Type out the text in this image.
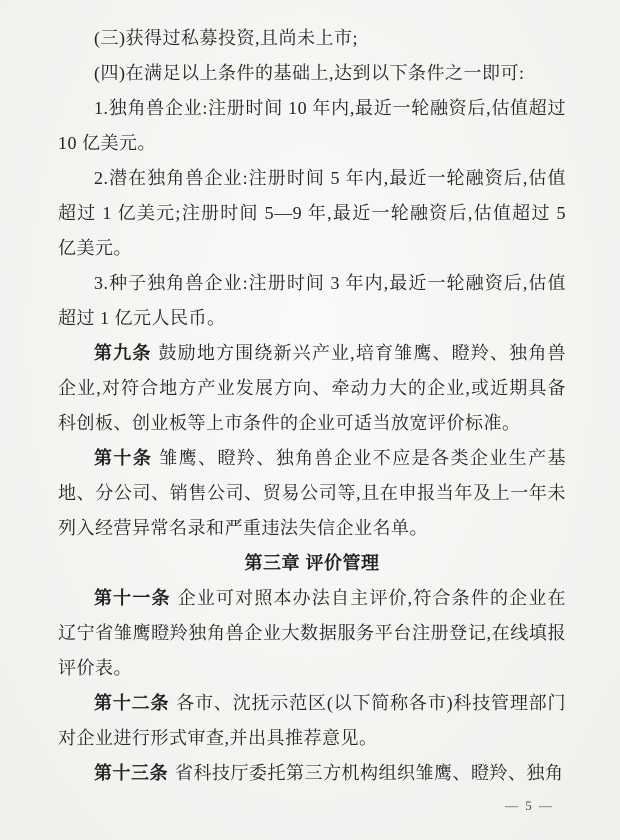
(三)获得过私募投资,且尚未上市;

(四)在满足以上条件的基础上,达到以下条件之一即可:

1.独角兽企业:注册时间 10 年内,最近一轮融资后,估值超过 10 亿美元。

2.潜在独角兽企业:注册时间 5 年内,最近一轮融资后,估值超过 1 亿美元;注册时间 5—9 年,最近一轮融资后,估值超过 5 亿美元。

3.种子独角兽企业:注册时间 3 年内,最近一轮融资后,估值超过 1 亿元人民币。

第九条 鼓励地方围绕新兴产业,培育雏鹰、瞪羚、独角兽企业,对符合地方产业发展方向、牵动力大的企业,或近期具备科创板、创业板等上市条件的企业可适当放宽评价标准。

第十条 雏鹰、瞪羚、独角兽企业不应是各类企业生产基地、分公司、销售公司、贸易公司等,且在申报当年及上一年未列入经营异常名录和严重违法失信企业名单。

第三章 评价管理

第十一条 企业可对照本办法自主评价,符合条件的企业在辽宁省雏鹰瞪羚独角兽企业大数据服务平台注册登记,在线填报评价表。

第十二条 各市、沈抚示范区(以下简称各市)科技管理部门对企业进行形式审查,并出具推荐意见。

第十三条 省科技厅委托第三方机构组织雏鹰、瞪羚、独角

— 5 —
